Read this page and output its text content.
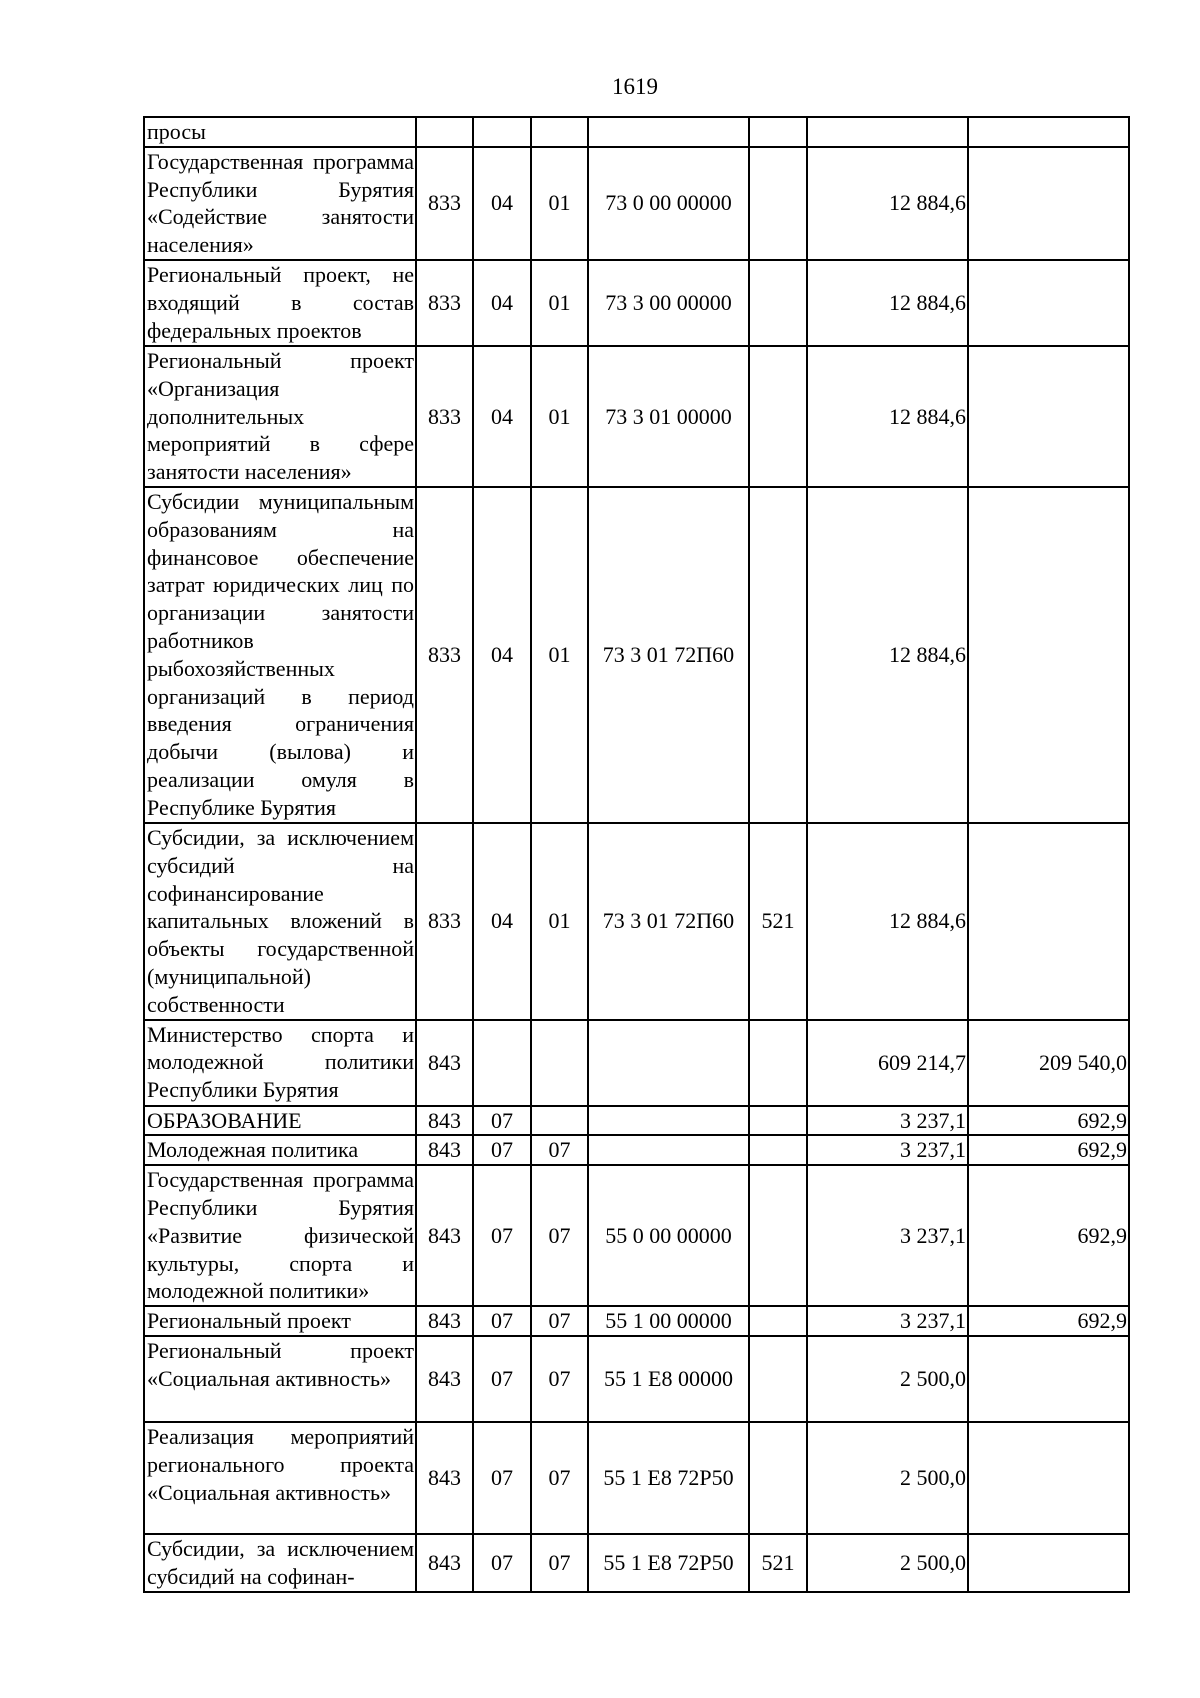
1619
просы							
Государственная программа Республики Бурятия «Содействие занятости населения»	833	04	01	73 0 00 00000		12 884,6	
Региональный проект, не входящий в состав федеральных проектов	833	04	01	73 3 00 00000		12 884,6	
Региональный проект «Организация дополнительных мероприятий в сфере занятости населения»	833	04	01	73 3 01 00000		12 884,6	
Субсидии муниципальным образованиям на финансовое обеспечение затрат юридических лиц по организации занятости работников рыбохозяйственных организаций в период введения ограничения добычи (вылова) и реализации омуля в Республике Бурятия	833	04	01	73 3 01 72П60		12 884,6	
Субсидии, за исключением субсидий на софинансирование капитальных вложений в объекты государственной (муниципальной) собственности	833	04	01	73 3 01 72П60	521	12 884,6	
Министерство спорта и молодежной политики Республики Бурятия	843					609 214,7	209 540,0
ОБРАЗОВАНИЕ	843	07				3 237,1	692,9
Молодежная политика	843	07	07			3 237,1	692,9
Государственная программа Республики Бурятия «Развитие физической культуры, спорта и молодежной политики»	843	07	07	55 0 00 00000		3 237,1	692,9
Региональный проект	843	07	07	55 1 00 00000		3 237,1	692,9
Региональный проект «Социальная активность»	843	07	07	55 1 E8 00000		2 500,0	
Реализация мероприятий регионального проекта «Социальная активность»	843	07	07	55 1 E8 72P50		2 500,0	
Субсидии, за исключением субсидий на софинан-	843	07	07	55 1 E8 72P50	521	2 500,0	
